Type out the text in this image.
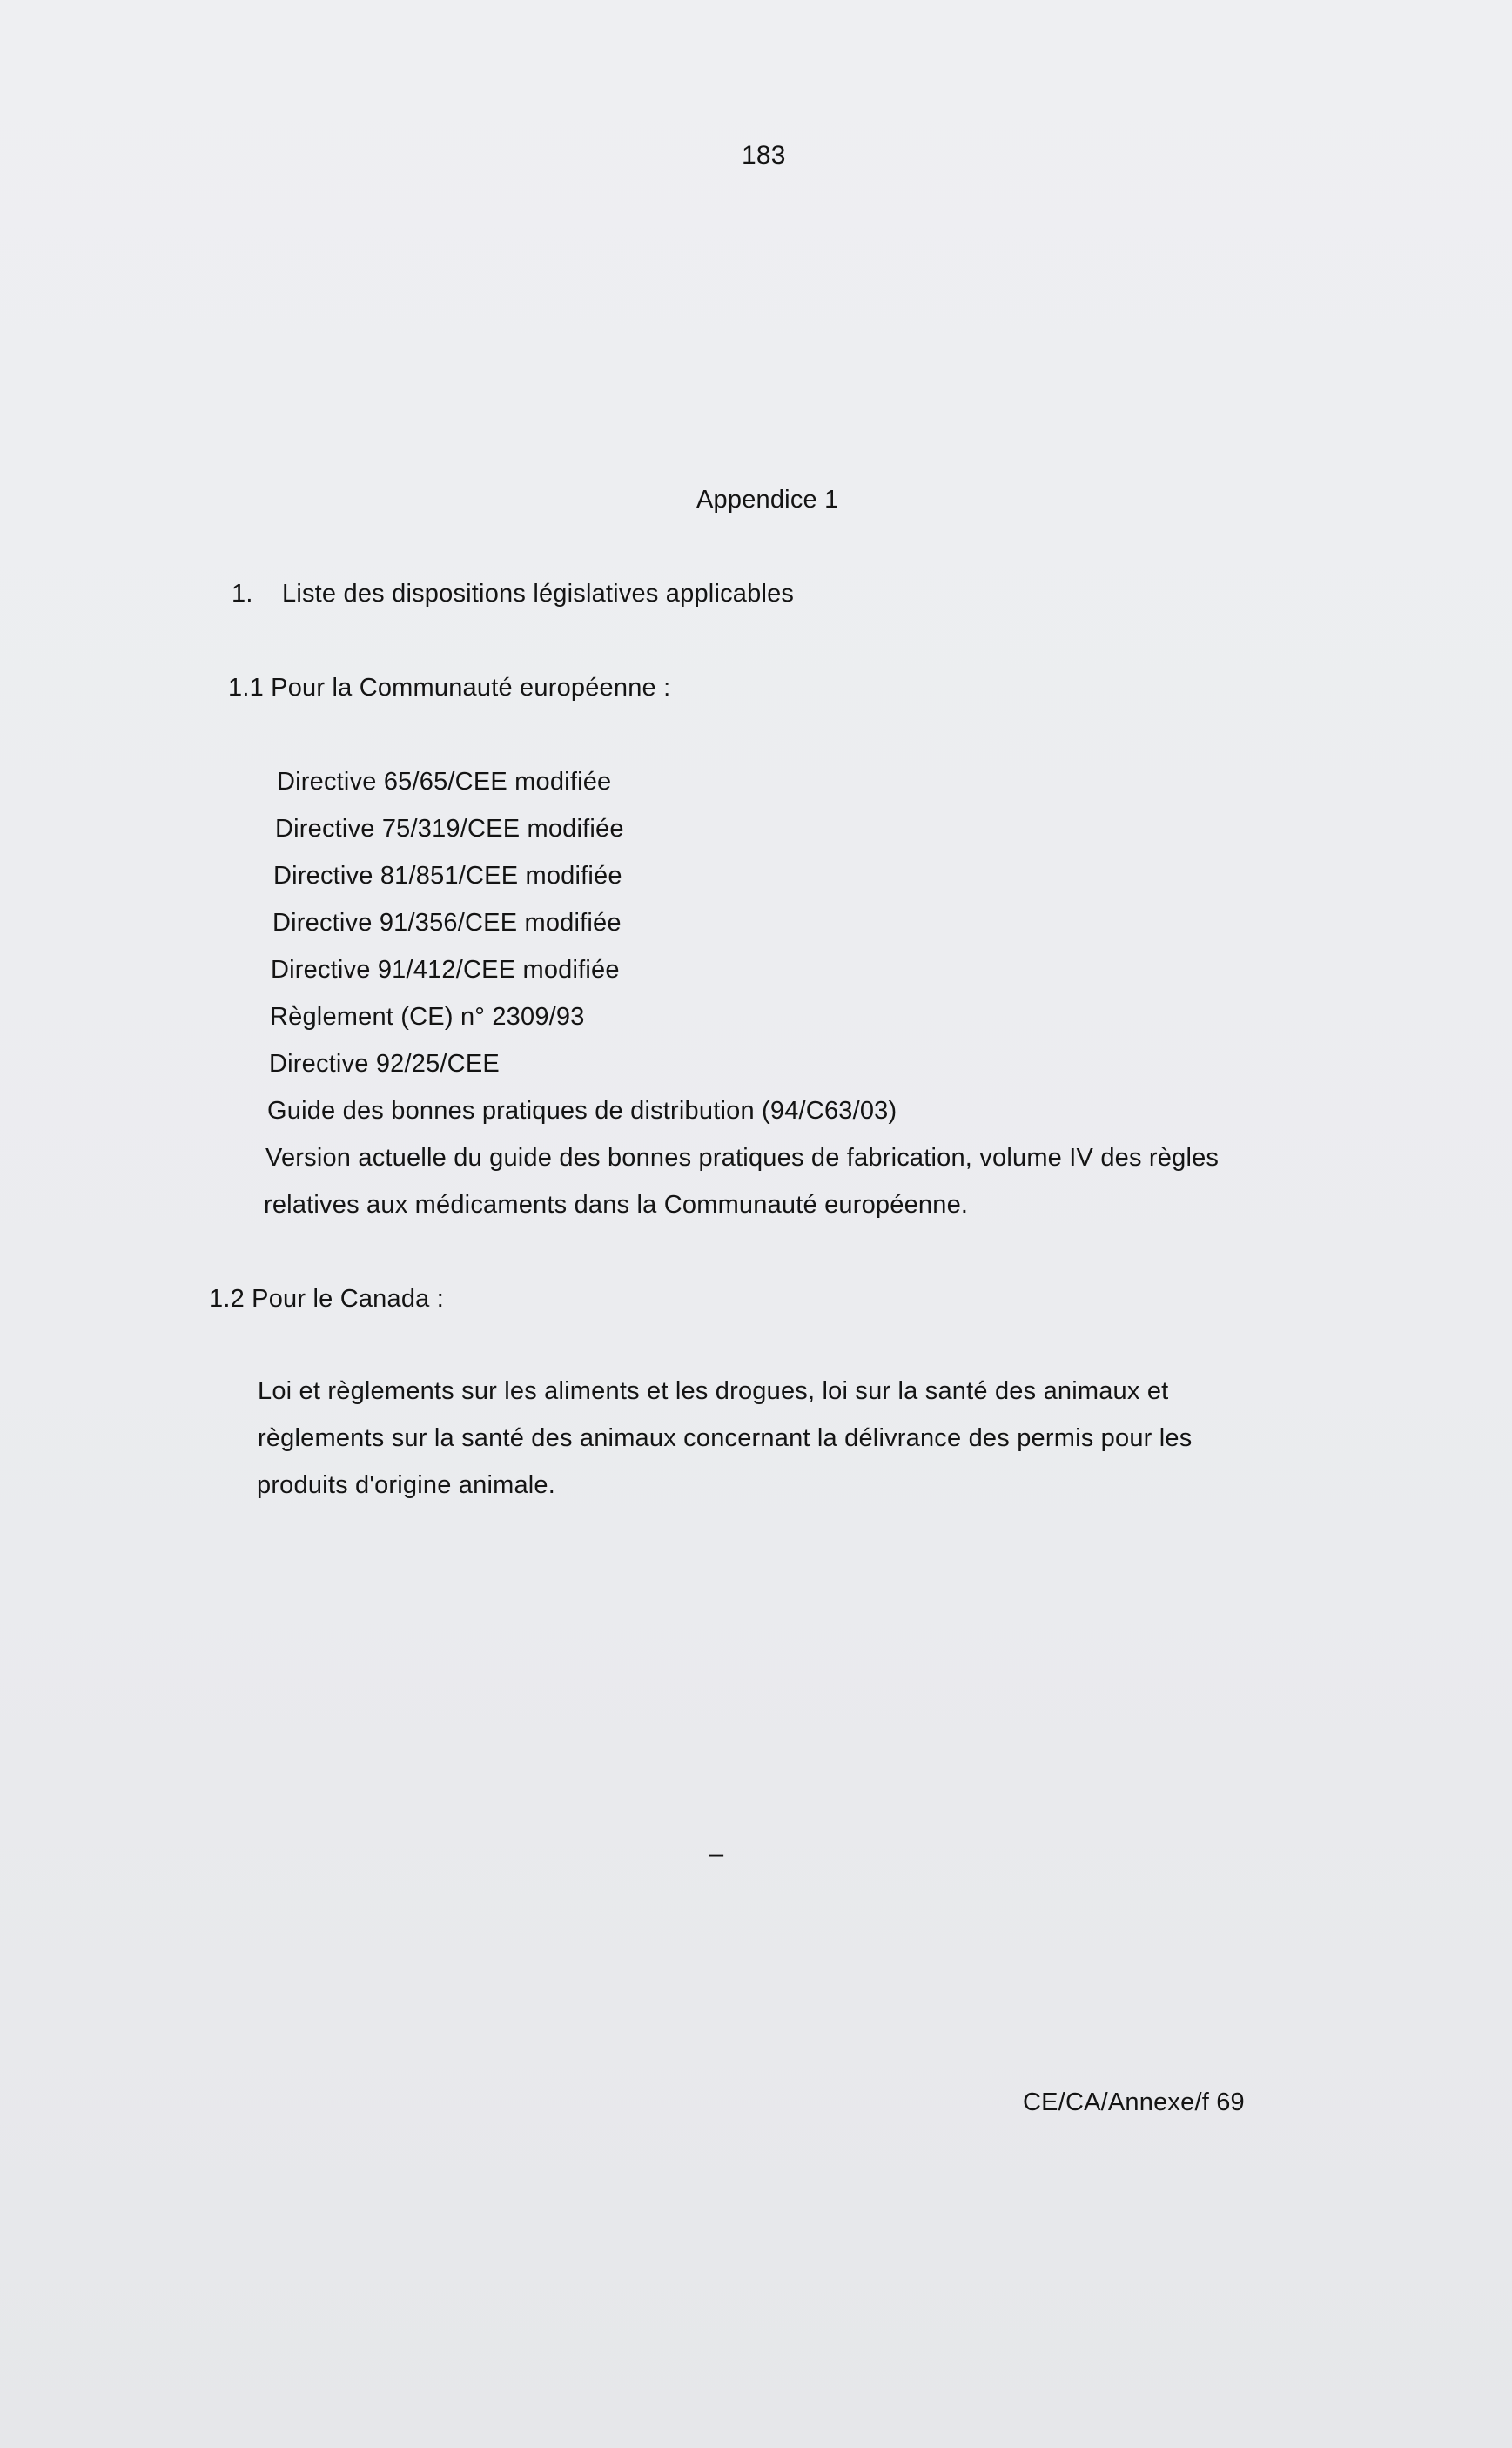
183
Appendice 1
1. Liste des dispositions législatives applicables
1.1 Pour la Communauté européenne :
Directive 65/65/CEE modifiée
Directive 75/319/CEE modifiée
Directive 81/851/CEE modifiée
Directive 91/356/CEE modifiée
Directive 91/412/CEE modifiée
Règlement (CE) n° 2309/93
Directive 92/25/CEE
Guide des bonnes pratiques de distribution (94/C63/03)
Version actuelle du guide des bonnes pratiques de fabrication, volume IV des règles
relatives aux médicaments dans la Communauté européenne.
1.2 Pour le Canada :
Loi et règlements sur les aliments et les drogues, loi sur la santé des animaux et
règlements sur la santé des animaux concernant la délivrance des permis pour les
produits d'origine animale.
–
CE/CA/Annexe/f 69
